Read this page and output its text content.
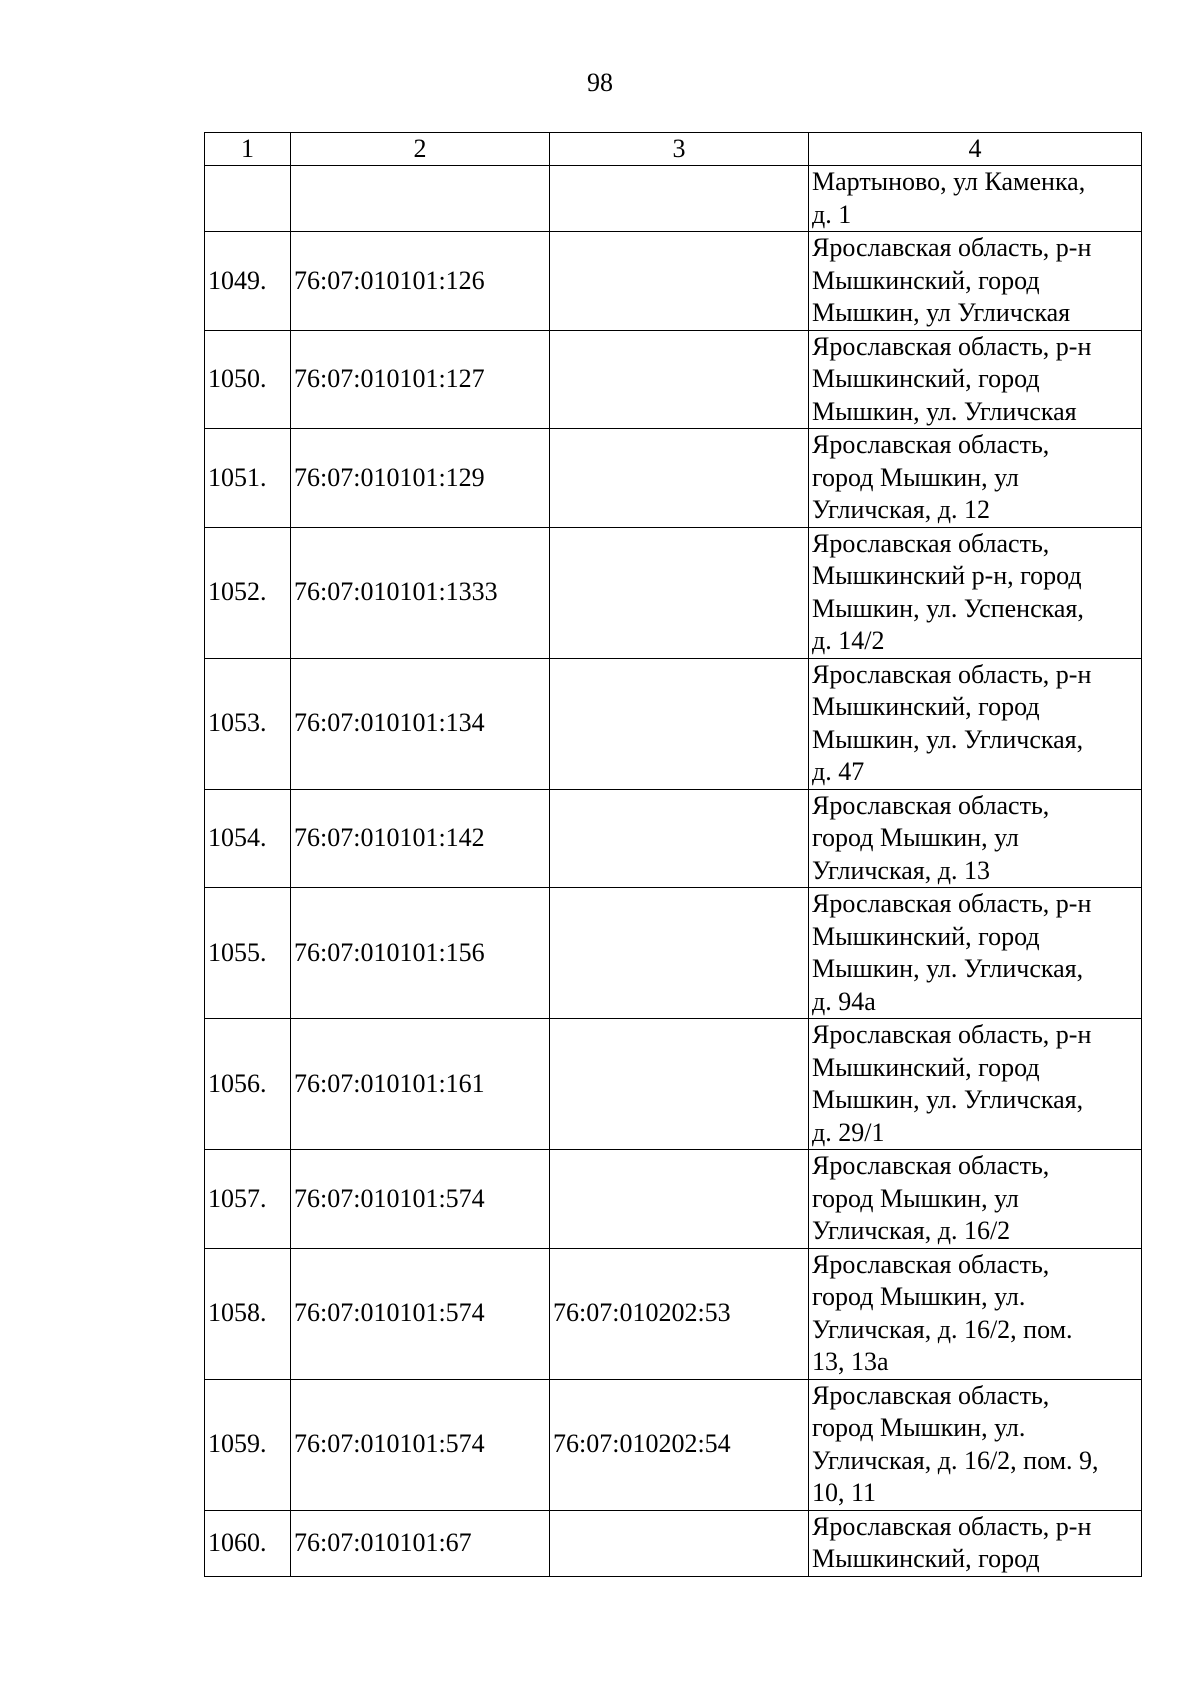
98
1	2	3	4
			Мартыново, ул Каменка,
д. 1
1049.	76:07:010101:126		Ярославская область, р-н
Мышкинский, город
Мышкин, ул Угличская
1050.	76:07:010101:127		Ярославская область, р-н
Мышкинский, город
Мышкин, ул. Угличская
1051.	76:07:010101:129		Ярославская область,
город Мышкин, ул
Угличская, д. 12
1052.	76:07:010101:1333		Ярославская область,
Мышкинский р-н, город
Мышкин, ул. Успенская,
д. 14/2
1053.	76:07:010101:134		Ярославская область, р-н
Мышкинский, город
Мышкин, ул. Угличская,
д. 47
1054.	76:07:010101:142		Ярославская область,
город Мышкин, ул
Угличская, д. 13
1055.	76:07:010101:156		Ярославская область, р-н
Мышкинский, город
Мышкин, ул. Угличская,
д. 94а
1056.	76:07:010101:161		Ярославская область, р-н
Мышкинский, город
Мышкин, ул. Угличская,
д. 29/1
1057.	76:07:010101:574		Ярославская область,
город Мышкин, ул
Угличская, д. 16/2
1058.	76:07:010101:574	76:07:010202:53	Ярославская область,
город Мышкин, ул.
Угличская, д. 16/2, пом.
13, 13а
1059.	76:07:010101:574	76:07:010202:54	Ярославская область,
город Мышкин, ул.
Угличская, д. 16/2, пом. 9,
10, 11
1060.	76:07:010101:67		Ярославская область, р-н
Мышкинский, город
